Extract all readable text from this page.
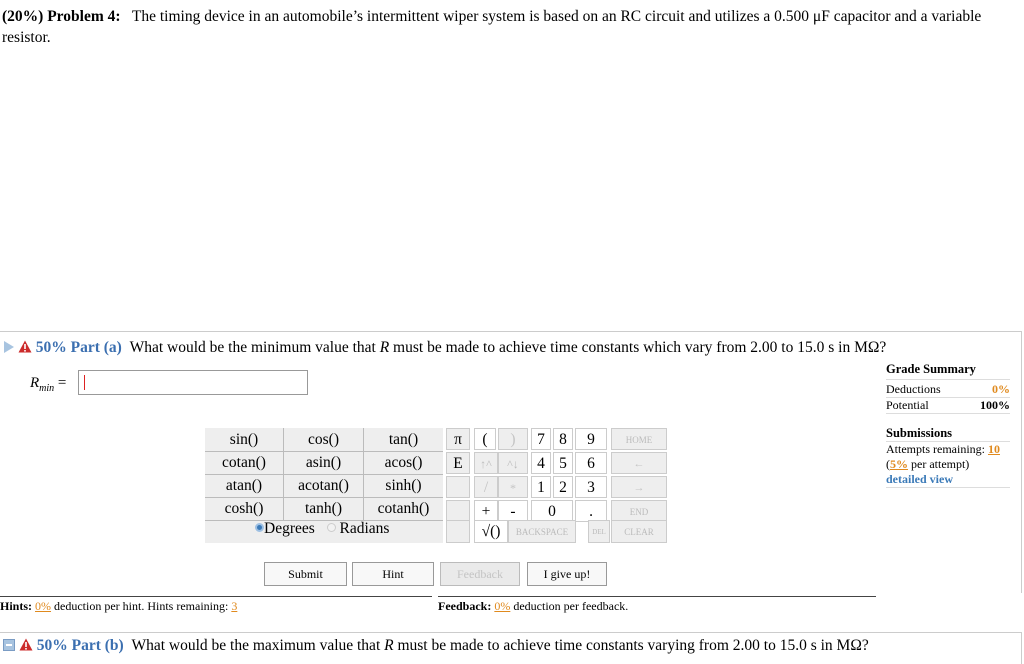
(20%) Problem 4: The timing device in an automobile’s intermittent wiper system is based on an RC circuit and utilizes a 0.500 μF capacitor and a variable resistor.
50% Part (a) What would be the minimum value that R must be made to achieve time constants which vary from 2.00 to 15.0 s in MΩ?
$R_{min}$ =
Grade Summary
Deductions	0%
Potential	100%
Submissions
Attempts remaining: 10
(5% per attempt)
detailed view
sin()	cos()	tan()
cotan()	asin()	acos()
atan()	acotan()	sinh()
cosh()	tanh()	cotanh()
Degrees Radians
π	(	)	7 8	9	HOME
E	↑^	^↓	4 5	6	←
/	*	1 2	3	→
+	-	0	.	END
√()	BACKSPACE	DEL	CLEAR
Submit	Hint	Feedback	I give up!
Hints: 0% deduction per hint. Hints remaining: 3	Feedback: 0% deduction per feedback.
50% Part (b) What would be the maximum value that R must be made to achieve time constants varying from 2.00 to 15.0 s in MΩ?
